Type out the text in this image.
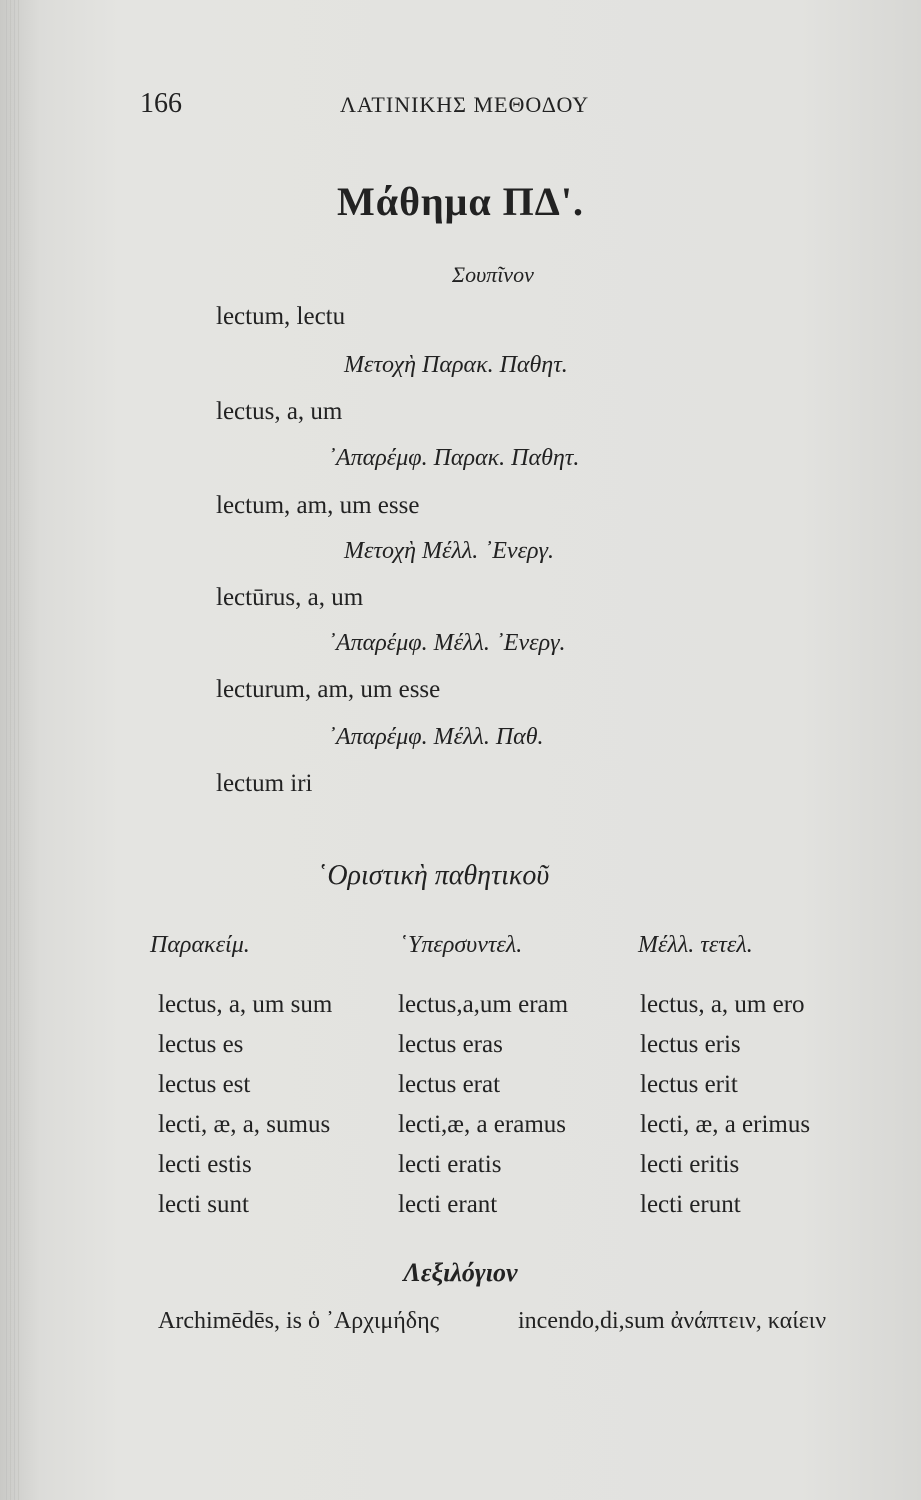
166	ΛΑΤΙΝΙΚΗΣ ΜΕΘΟΔΟΥ
Μάθημα ΠΔ'.
Σουπῖνον
lectum, lectu
Μετοχὴ Παρακ. Παθητ.
lectus, a, um
᾿Απαρέμφ. Παρακ. Παθητ.
lectum, am, um esse
Μετοχὴ Μέλλ. ᾿Ενεργ.
lectūrus, a, um
᾿Απαρέμφ. Μέλλ. ᾿Ενεργ.
lecturum, am, um esse
᾿Απαρέμφ. Μέλλ. Παθ.
lectum iri
῾Οριστικὴ παθητικοῦ
Παρακείμ.	῾Υπερσυντελ.	Μέλλ. τετελ.
lectus, a, um sum	lectus,a,um eram	lectus, a, um ero
lectus es	lectus eras	lectus eris
lectus est	lectus erat	lectus erit
lecti, æ, a, sumus	lecti,æ, a eramus	lecti, æ, a erimus
lecti estis	lecti eratis	lecti eritis
lecti sunt	lecti erant	lecti erunt
Λεξιλόγιον
Archimēdēs, is ὁ ᾿Αρχιμήδης	incendo,di,sum ἀνάπτειν, καίειν
